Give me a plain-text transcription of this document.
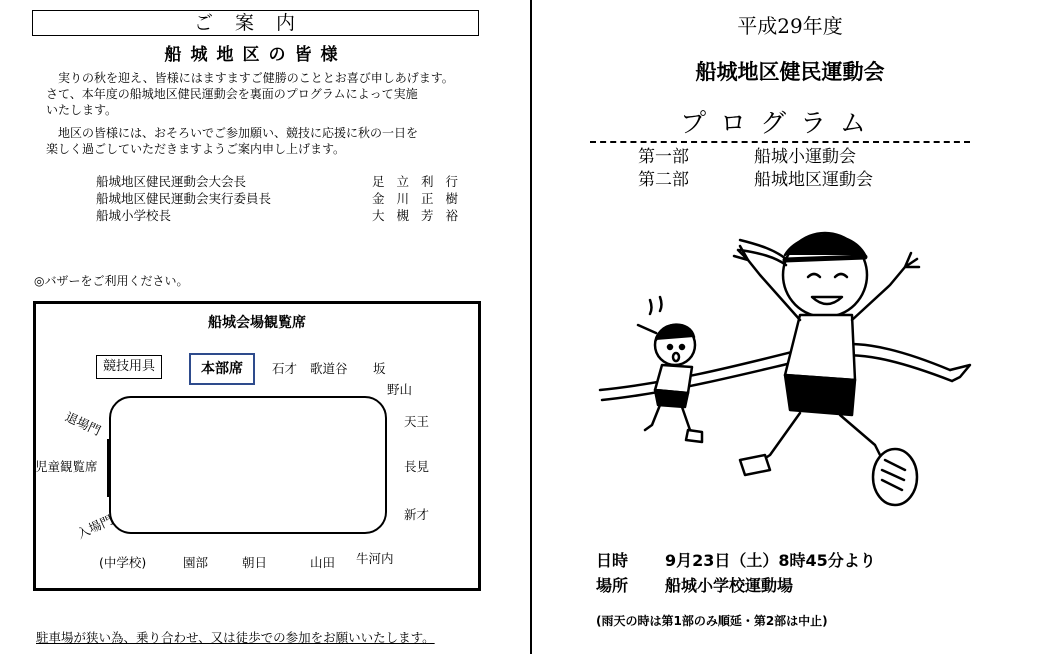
ご案内
船城地区の皆様
　実りの秋を迎え、皆様にはますますご健勝のこととお喜び申しあげます。
さて、本年度の船城地区健民運動会を裏面のプログラムによって実施
いたします。
　地区の皆様には、おそろいでご参加願い、競技に応援に秋の一日を
楽しく過ごしていただきますようご案内申し上げます。
船城地区健民運動会大会長	足立利行
船城地区健民運動会実行委員長	金川正樹
船城小学校長	大槻芳裕
◎バザーをご利用ください。
船城会場観覧席
競技用具	本部席	石才 歌道谷 坂
野山
天王
長見
新才
退場門
入場門
児童観覧席
(中学校)	園部	朝日	山田 牛河内
駐車場が狭い為、乗り合わせ、又は徒歩での参加をお願いいたします。
平成29年度
船城地区健民運動会
プログラム
第一部	船城小運動会
第二部	船城地区運動会
日時 9月23日（土）8時45分より
場所 船城小学校運動場
(雨天の時は第1部のみ順延・第2部は中止)
